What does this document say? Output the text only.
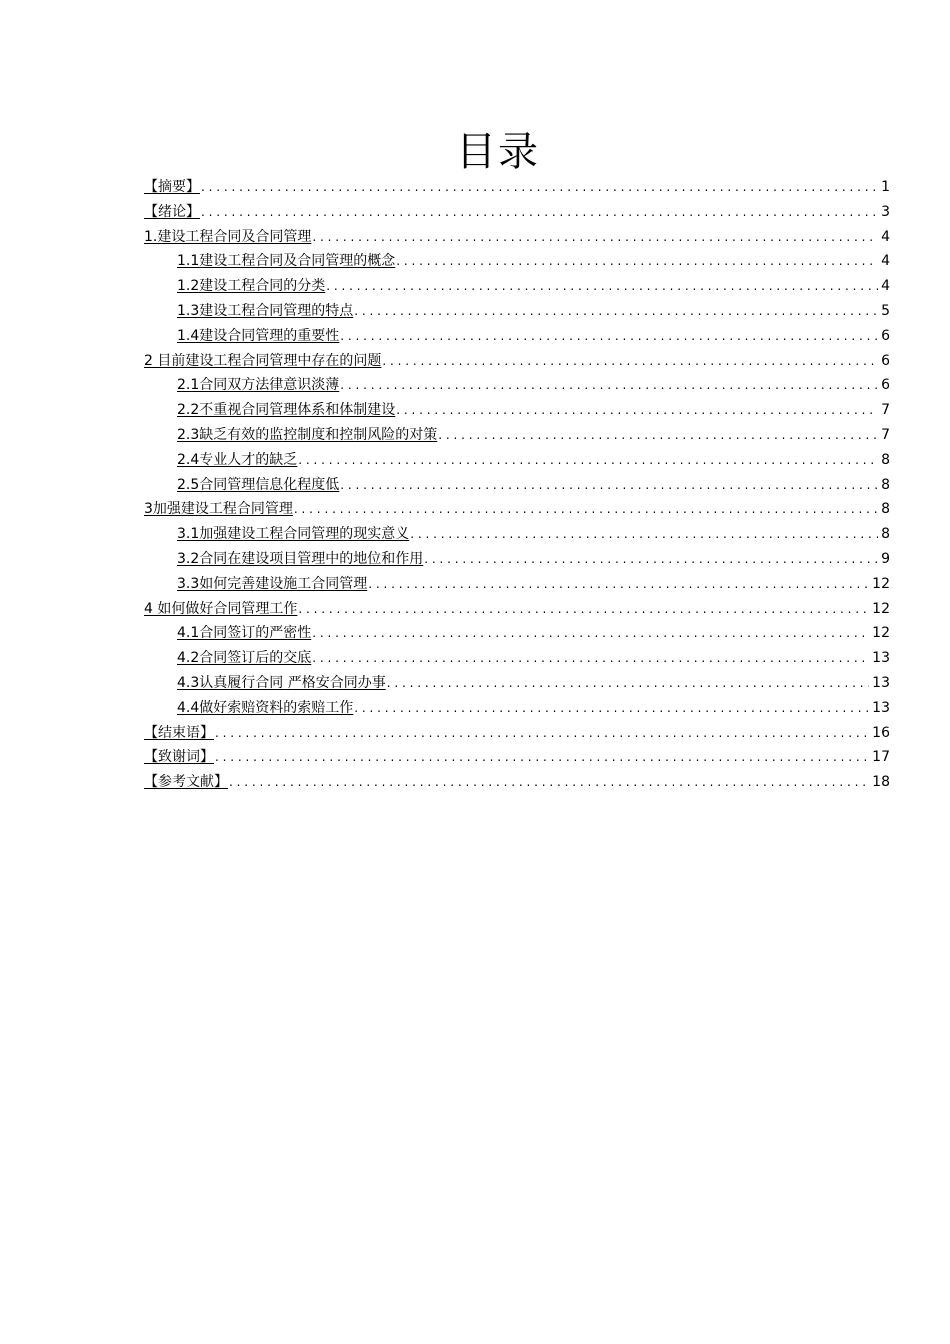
目录
【摘要】 . . .	1
【绪论】 . . .	3
1.建设工程合同及合同管理 . . .	4
1.1建设工程合同及合同管理的概念 . . .	4
1.2建设工程合同的分类 . . .	4
1.3建设工程合同管理的特点 . . .	5
1.4建设合同管理的重要性 . . .	6
2 目前建设工程合同管理中存在的问题 . . .	6
2.1合同双方法律意识淡薄 . . .	6
2.2不重视合同管理体系和体制建设 . . .	7
2.3缺乏有效的监控制度和控制风险的对策 . . .	7
2.4专业人才的缺乏 . . .	8
2.5合同管理信息化程度低 . . .	8
3加强建设工程合同管理 . . .	8
3.1加强建设工程合同管理的现实意义 . . .	8
3.2合同在建设项目管理中的地位和作用 . . .	9
3.3如何完善建设施工合同管理 . . .	12
4 如何做好合同管理工作 . . .	12
4.1合同签订的严密性 . . .	12
4.2合同签订后的交底 . . .	13
4.3认真履行合同 严格安合同办事 . . .	13
4.4做好索赔资料的索赔工作 . . .	13
【结束语】 . . .	16
【致谢词】 . . .	17
【参考文献】 . . .	18
